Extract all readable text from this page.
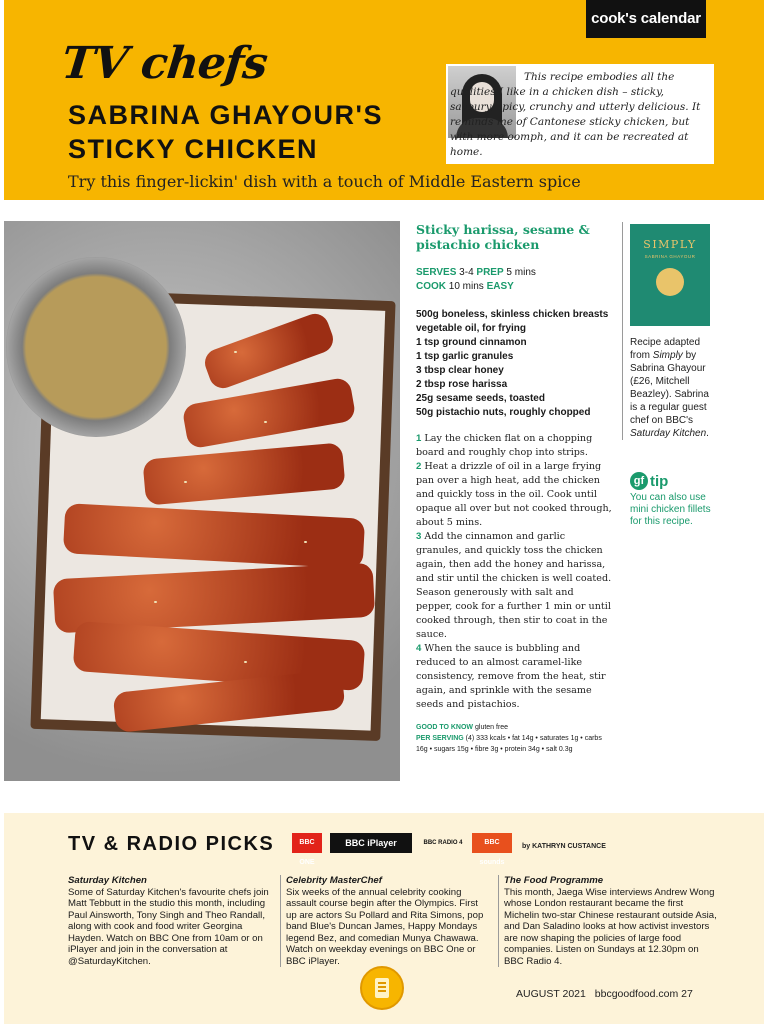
cook's calendar
TV chefs
SABRINA GHAYOUR'S
STICKY CHICKEN
Try this finger-lickin' dish with a touch of Middle Eastern spice
This recipe embodies all the qualities I like in a chicken dish – sticky, savoury, spicy, crunchy and utterly delicious. It reminds me of Cantonese sticky chicken, but with more oomph, and it can be recreated at home.
Sticky harissa, sesame & pistachio chicken
SERVES 3-4 PREP 5 mins
COOK 10 mins EASY
500g boneless, skinless chicken breasts
vegetable oil, for frying
1 tsp ground cinnamon
1 tsp garlic granules
3 tbsp clear honey
2 tbsp rose harissa
25g sesame seeds, toasted
50g pistachio nuts, roughly chopped
1 Lay the chicken flat on a chopping board and roughly chop into strips.
2 Heat a drizzle of oil in a large frying pan over a high heat, add the chicken and quickly toss in the oil. Cook until opaque all over but not cooked through, about 5 mins.
3 Add the cinnamon and garlic granules, and quickly toss the chicken again, then add the honey and harissa, and stir until the chicken is well coated. Season generously with salt and pepper, cook for a further 1 min or until cooked through, then stir to coat in the sauce.
4 When the sauce is bubbling and reduced to an almost caramel-like consistency, remove from the heat, stir again, and sprinkle with the sesame seeds and pistachios.
GOOD TO KNOW gluten free
PER SERVING (4) 333 kcals • fat 14g • saturates 1g • carbs 16g • sugars 15g • fibre 3g • protein 34g • salt 0.3g
SIMPLY
SABRINA GHAYOUR
Recipe adapted from Simply by Sabrina Ghayour (£26, Mitchell Beazley). Sabrina is a regular guest chef on BBC's Saturday Kitchen.
gf tip
You can also use mini chicken fillets for this recipe.
TV & RADIO PICKS	BBC ONE
BBC iPlayer	BBC RADIO 4	BBC sounds
by KATHRYN CUSTANCE
Saturday Kitchen
Some of Saturday Kitchen's favourite chefs join Matt Tebbutt in the studio this month, including Paul Ainsworth, Tony Singh and Theo Randall, along with cook and food writer Georgina Hayden. Watch on BBC One from 10am or on iPlayer and join in the conversation at @SaturdayKitchen.
Celebrity MasterChef
Six weeks of the annual celebrity cooking assault course begin after the Olympics. First up are actors Su Pollard and Rita Simons, pop band Blue's Duncan James, Happy Mondays legend Bez, and comedian Munya Chawawa. Watch on weekday evenings on BBC One or BBC iPlayer.
The Food Programme
This month, Jaega Wise interviews Andrew Wong whose London restaurant became the first Michelin two-star Chinese restaurant outside Asia, and Dan Saladino looks at how activist investors are now shaping the policies of large food companies. Listen on Sundays at 12.30pm on BBC Radio 4.
AUGUST 2021 bbcgoodfood.com 27
